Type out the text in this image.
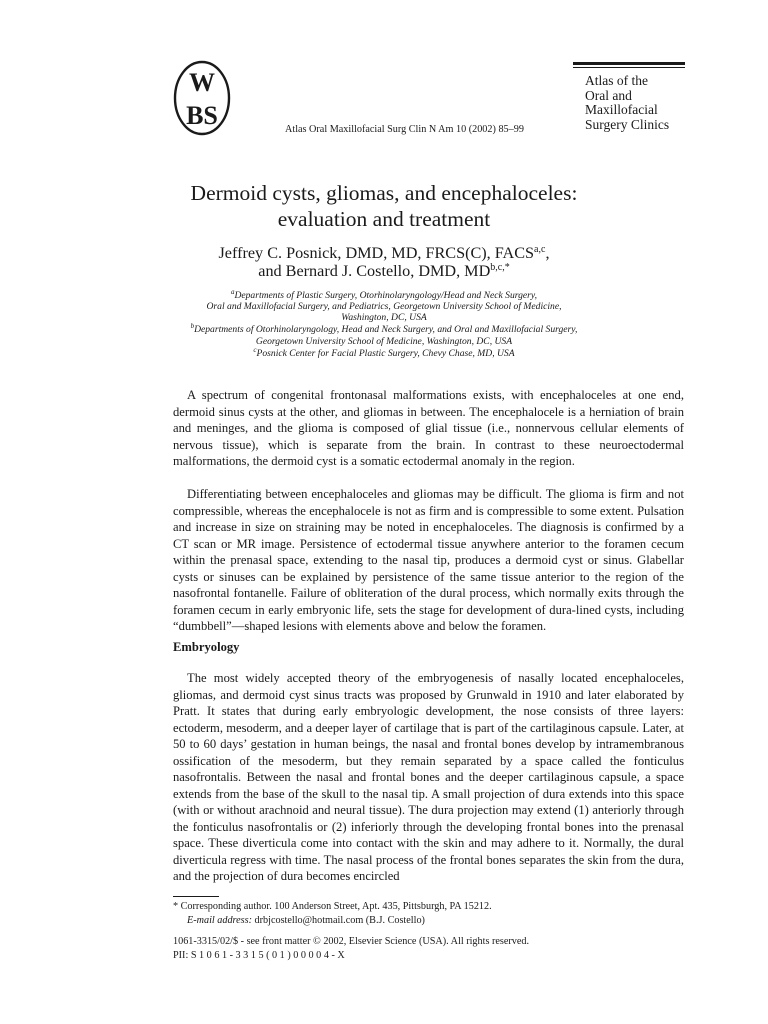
W
BS
Atlas of the
Oral and
Maxillofacial
Surgery Clinics
Atlas Oral Maxillofacial Surg Clin N Am 10 (2002) 85–99
Dermoid cysts, gliomas, and encephaloceles:
evaluation and treatment
Jeffrey C. Posnick, DMD, MD, FRCS(C), FACS$^{a,c}$,
and Bernard J. Costello, DMD, $MD^{b,c,*}$
$^a$Departments of Plastic Surgery, Otorhinolaryngology/Head and Neck Surgery,
Oral and Maxillofacial Surgery, and Pediatrics, Georgetown University School of Medicine,
Washington, DC, USA
$^b$Departments of Otorhinolaryngology, Head and Neck Surgery, and Oral and Maxillofacial Surgery,
Georgetown University School of Medicine, Washington, DC, USA
$^c$Posnick Center for Facial Plastic Surgery, Chevy Chase, MD, USA

A spectrum of congenital frontonasal malformations exists, with encephaloceles at one end, dermoid sinus cysts at the other, and gliomas in between. The encephalocele is a herniation of brain and meninges, and the glioma is composed of glial tissue (i.e., nonnervous cellular elements of nervous tissue), which is separate from the brain. In contrast to these neuroectodermal malformations, the dermoid cyst is a somatic ectodermal anomaly in the region.

Differentiating between encephaloceles and gliomas may be difficult. The glioma is firm and not compressible, whereas the encephalocele is not as firm and is compressible to some extent. Pulsation and increase in size on straining may be noted in encephaloceles. The diagnosis is confirmed by a CT scan or MR image. Persistence of ectodermal tissue anywhere anterior to the foramen cecum within the prenasal space, extending to the nasal tip, produces a dermoid cyst or sinus. Glabellar cysts or sinuses can be explained by persistence of the same tissue anterior to the region of the nasofrontal fontanelle. Failure of obliteration of the dural process, which normally exits through the foramen cecum in early embryonic life, sets the stage for development of dura-lined cysts, including “dumbbell”—shaped lesions with elements above and below the foramen.

Embryology

The most widely accepted theory of the embryogenesis of nasally located encephaloceles, gliomas, and dermoid cyst sinus tracts was proposed by Grunwald in 1910 and later elaborated by Pratt. It states that during early embryologic development, the nose consists of three layers: ectoderm, mesoderm, and a deeper layer of cartilage that is part of the cartilaginous capsule. Later, at 50 to 60 days’ gestation in human beings, the nasal and frontal bones develop by intramembranous ossification of the mesoderm, but they remain separated by a space called the fonticulus nasofrontalis. Between the nasal and frontal bones and the deeper cartilaginous capsule, a space extends from the base of the skull to the nasal tip. A small projection of dura extends into this space (with or without arachnoid and neural tissue). The dura projection may extend (1) anteriorly through the fonticulus nasofrontalis or (2) inferiorly through the developing frontal bones into the prenasal space. These diverticula come into contact with the skin and may adhere to it. Normally, the dural diverticula regress with time. The nasal process of the frontal bones separates the skin from the dura, and the projection of dura becomes encircled

* Corresponding author. 100 Anderson Street, Apt. 435, Pittsburgh, PA 15212.
E-mail address: drbjcostello@hotmail.com (B.J. Costello)
1061-3315/02/$ - see front matter © 2002, Elsevier Science (USA). All rights reserved.
PII: S 1 0 6 1 - 3 3 1 5 ( 0 1 ) 0 0 0 0 4 - X
